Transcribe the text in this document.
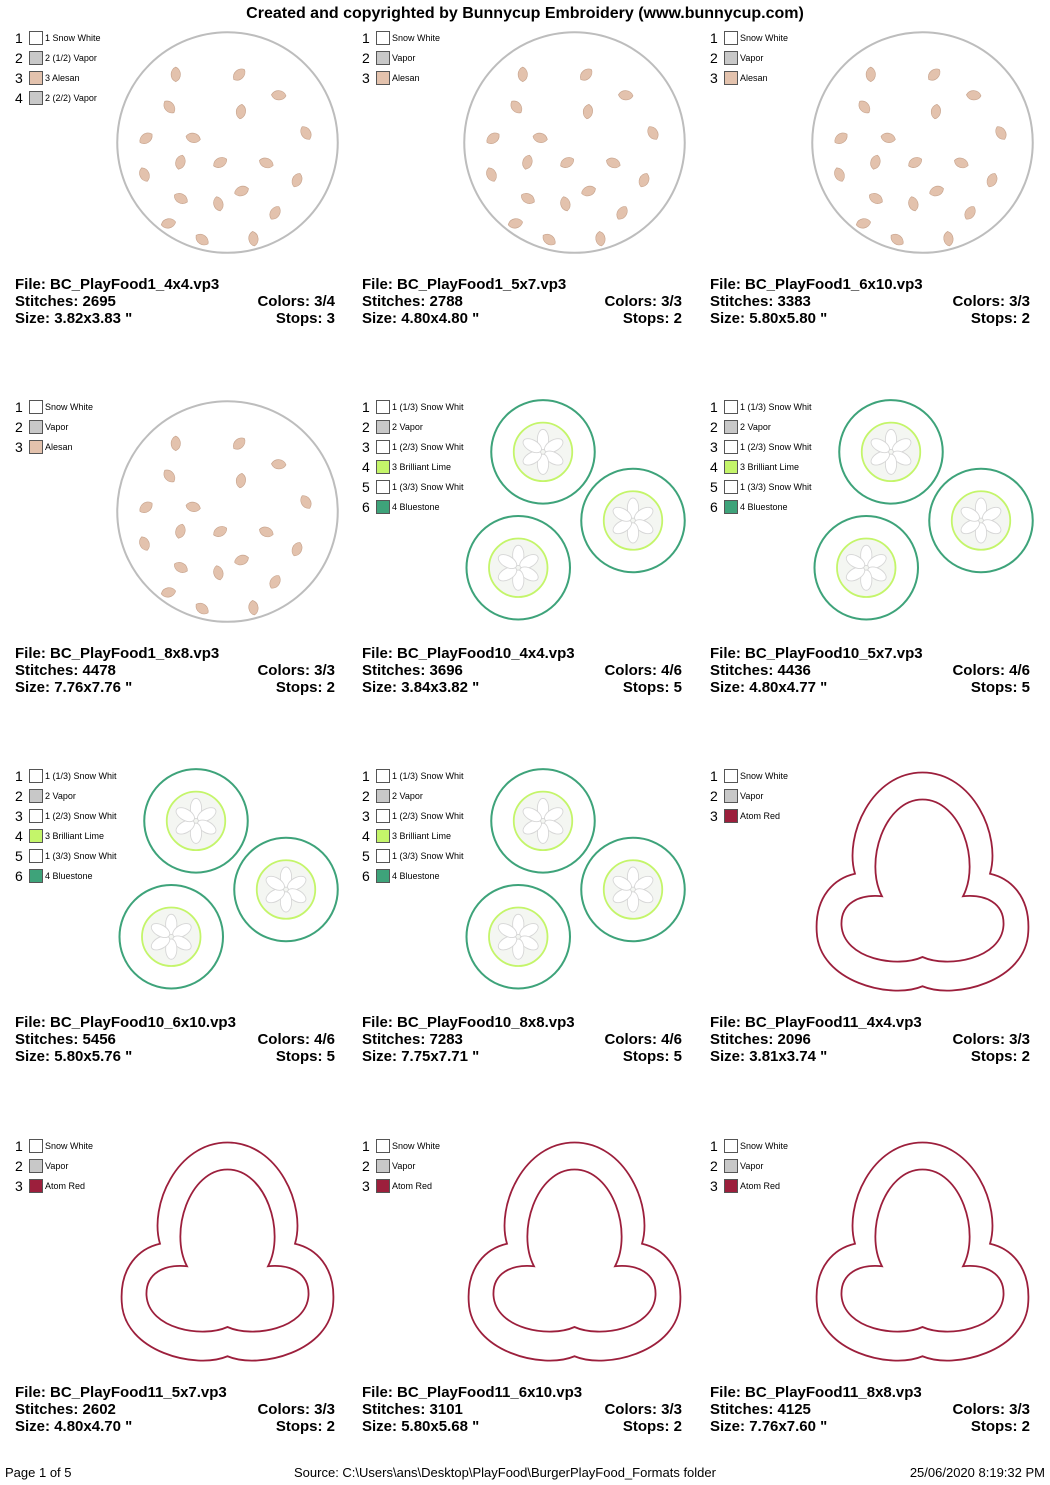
Created and copyrighted by Bunnycup Embroidery (www.bunnycup.com)
1	1 Snow White
2	2 (1/2) Vapor
3	3 Alesan
4	2 (2/2) Vapor
File: BC_PlayFood1_4x4.vp3
Stitches: 2695	Colors: 3/4
Size: 3.82x3.83 "	Stops: 3
1	Snow White
2	Vapor
3	Alesan
File: BC_PlayFood1_5x7.vp3
Stitches: 2788	Colors: 3/3
Size: 4.80x4.80 "	Stops: 2
1	Snow White
2	Vapor
3	Alesan
File: BC_PlayFood1_6x10.vp3
Stitches: 3383	Colors: 3/3
Size: 5.80x5.80 "	Stops: 2
1	Snow White
2	Vapor
3	Alesan
File: BC_PlayFood1_8x8.vp3
Stitches: 4478	Colors: 3/3
Size: 7.76x7.76 "	Stops: 2
1	1 (1/3) Snow Whit
2	2 Vapor
3	1 (2/3) Snow Whit
4	3 Brilliant Lime
5	1 (3/3) Snow Whit
6	4 Bluestone
File: BC_PlayFood10_4x4.vp3
Stitches: 3696	Colors: 4/6
Size: 3.84x3.82 "	Stops: 5
1	1 (1/3) Snow Whit
2	2 Vapor
3	1 (2/3) Snow Whit
4	3 Brilliant Lime
5	1 (3/3) Snow Whit
6	4 Bluestone
File: BC_PlayFood10_5x7.vp3
Stitches: 4436	Colors: 4/6
Size: 4.80x4.77 "	Stops: 5
1	1 (1/3) Snow Whit
2	2 Vapor
3	1 (2/3) Snow Whit
4	3 Brilliant Lime
5	1 (3/3) Snow Whit
6	4 Bluestone
File: BC_PlayFood10_6x10.vp3
Stitches: 5456	Colors: 4/6
Size: 5.80x5.76 "	Stops: 5
1	1 (1/3) Snow Whit
2	2 Vapor
3	1 (2/3) Snow Whit
4	3 Brilliant Lime
5	1 (3/3) Snow Whit
6	4 Bluestone
File: BC_PlayFood10_8x8.vp3
Stitches: 7283	Colors: 4/6
Size: 7.75x7.71 "	Stops: 5
1	Snow White
2	Vapor
3	Atom Red
File: BC_PlayFood11_4x4.vp3
Stitches: 2096	Colors: 3/3
Size: 3.81x3.74 "	Stops: 2
1	Snow White
2	Vapor
3	Atom Red
File: BC_PlayFood11_5x7.vp3
Stitches: 2602	Colors: 3/3
Size: 4.80x4.70 "	Stops: 2
1	Snow White
2	Vapor
3	Atom Red
File: BC_PlayFood11_6x10.vp3
Stitches: 3101	Colors: 3/3
Size: 5.80x5.68 "	Stops: 2
1	Snow White
2	Vapor
3	Atom Red
File: BC_PlayFood11_8x8.vp3
Stitches: 4125	Colors: 3/3
Size: 7.76x7.60 "	Stops: 2
Page 1 of 5	Source: C:\Users\ans\Desktop\PlayFood\BurgerPlayFood_Formats folder	25/06/2020 8:19:32 PM
